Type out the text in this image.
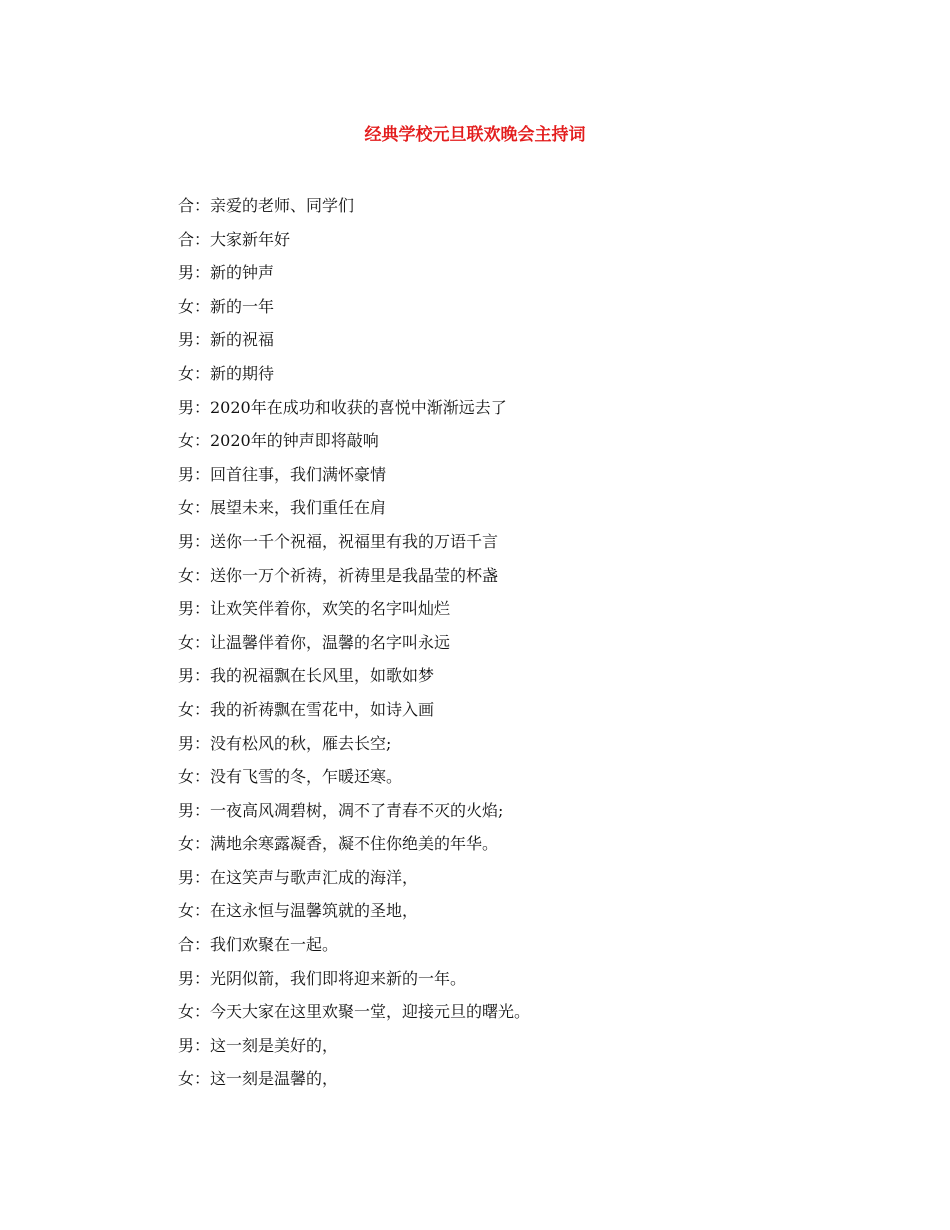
经典学校元旦联欢晚会主持词
合：亲爱的老师、同学们
合：大家新年好
男：新的钟声
女：新的一年
男：新的祝福
女：新的期待
男：2020年在成功和收获的喜悦中渐渐远去了
女：2020年的钟声即将敲响
男：回首往事，我们满怀豪情
女：展望未来，我们重任在肩
男：送你一千个祝福，祝福里有我的万语千言
女：送你一万个祈祷，祈祷里是我晶莹的杯盏
男：让欢笑伴着你，欢笑的名字叫灿烂
女：让温馨伴着你，温馨的名字叫永远
男：我的祝福飘在长风里，如歌如梦
女：我的祈祷飘在雪花中，如诗入画
男：没有松风的秋，雁去长空;
女：没有飞雪的冬，乍暖还寒。
男：一夜高风凋碧树，凋不了青春不灭的火焰;
女：满地余寒露凝香，凝不住你绝美的年华。
男：在这笑声与歌声汇成的海洋，
女：在这永恒与温馨筑就的圣地，
合：我们欢聚在一起。
男：光阴似箭，我们即将迎来新的一年。
女：今天大家在这里欢聚一堂，迎接元旦的曙光。
男：这一刻是美好的，
女：这一刻是温馨的，
